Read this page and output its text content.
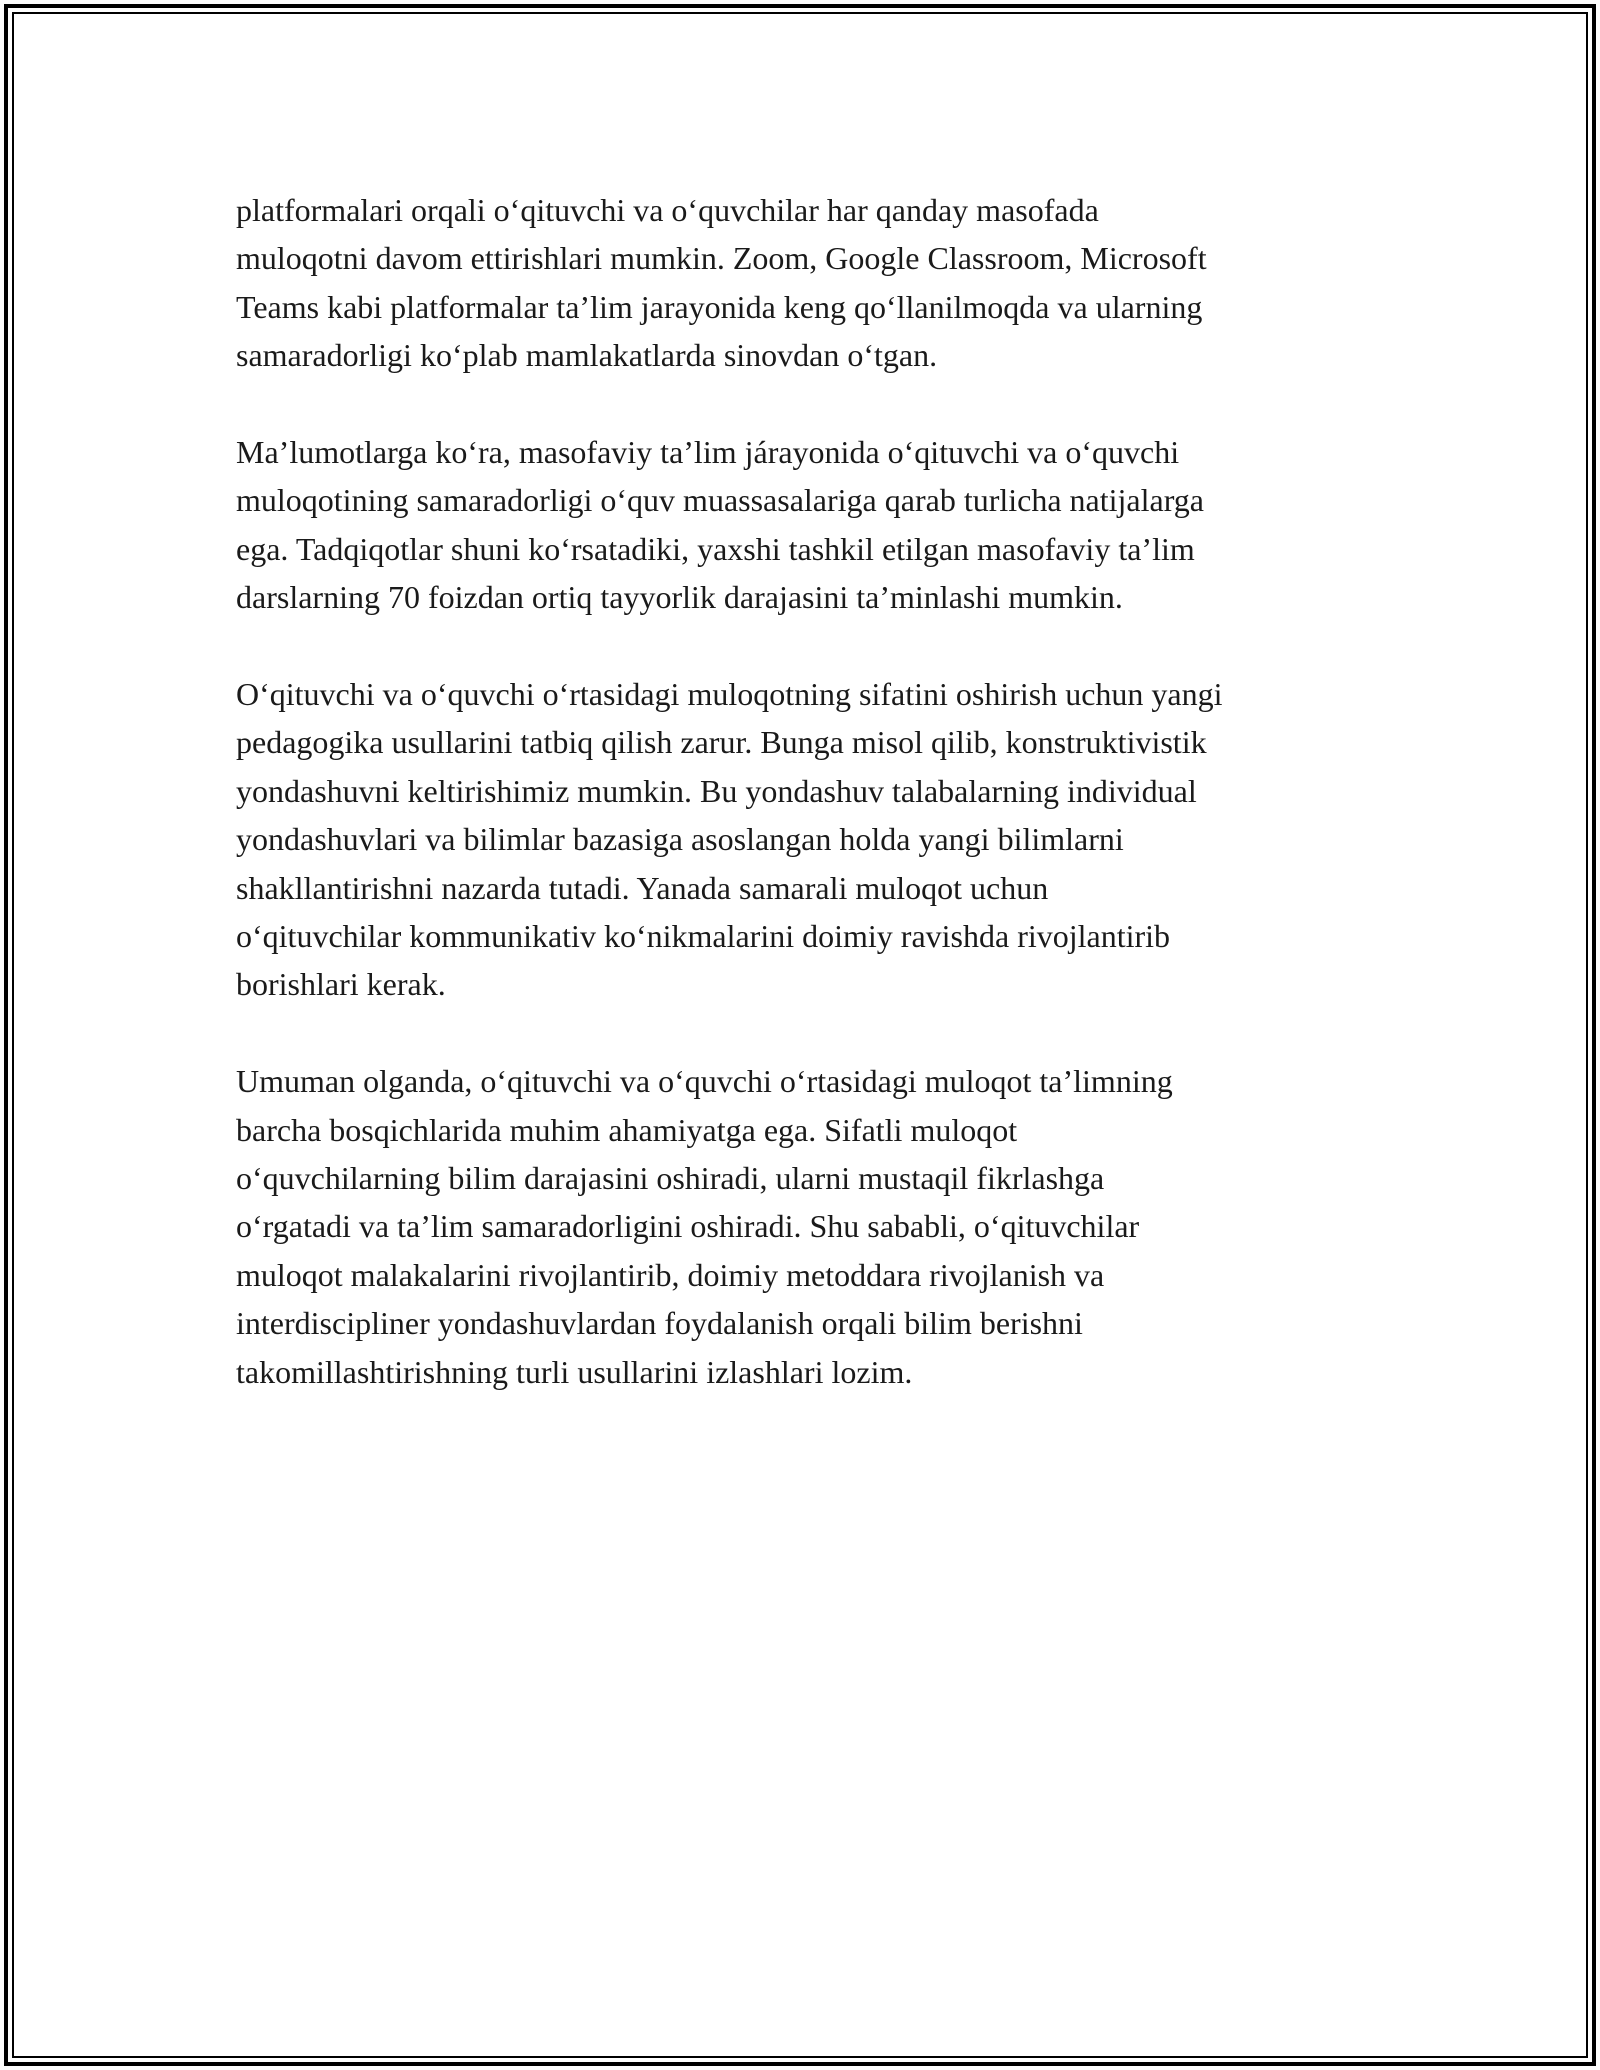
platformalari orqali o‘qituvchi va o‘quvchilar har qanday masofada
muloqotni davom ettirishlari mumkin. Zoom, Google Classroom, Microsoft
Teams kabi platformalar ta’lim jarayonida keng qo‘llanilmoqda va ularning
samaradorligi ko‘plab mamlakatlarda sinovdan o‘tgan.

Ma’lumotlarga ko‘ra, masofaviy ta’lim járayonida o‘qituvchi va o‘quvchi
muloqotining samaradorligi o‘quv muassasalariga qarab turlicha natijalarga
ega. Tadqiqotlar shuni ko‘rsatadiki, yaxshi tashkil etilgan masofaviy ta’lim
darslarning 70 foizdan ortiq tayyorlik darajasini ta’minlashi mumkin.

O‘qituvchi va o‘quvchi o‘rtasidagi muloqotning sifatini oshirish uchun yangi
pedagogika usullarini tatbiq qilish zarur. Bunga misol qilib, konstruktivistik
yondashuvni keltirishimiz mumkin. Bu yondashuv talabalarning individual
yondashuvlari va bilimlar bazasiga asoslangan holda yangi bilimlarni
shakllantirishni nazarda tutadi. Yanada samarali muloqot uchun
o‘qituvchilar kommunikativ ko‘nikmalarini doimiy ravishda rivojlantirib
borishlari kerak.

Umuman olganda, o‘qituvchi va o‘quvchi o‘rtasidagi muloqot ta’limning
barcha bosqichlarida muhim ahamiyatga ega. Sifatli muloqot
o‘quvchilarning bilim darajasini oshiradi, ularni mustaqil fikrlashga
o‘rgatadi va ta’lim samaradorligini oshiradi. Shu sababli, o‘qituvchilar
muloqot malakalarini rivojlantirib, doimiy metoddara rivojlanish va
interdiscipliner yondashuvlardan foydalanish orqali bilim berishni
takomillashtirishning turli usullarini izlashlari lozim.
